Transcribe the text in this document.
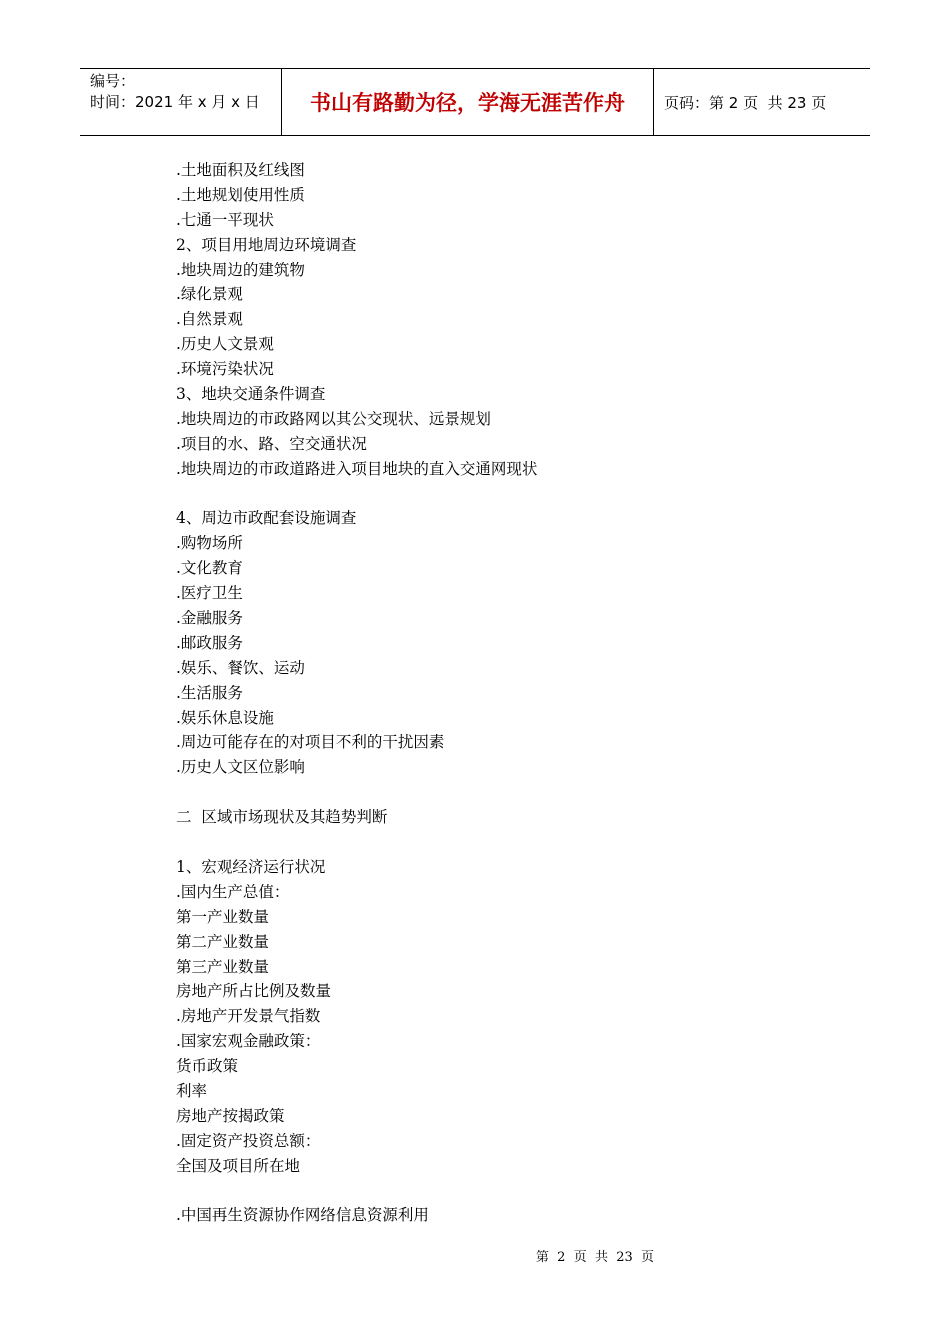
编号：
时间：2021 年 x 月 x 日	书山有路勤为径，学海无涯苦作舟	页码：第 2 页  共 23 页
.土地面积及红线图
.土地规划使用性质
.七通一平现状
2、项目用地周边环境调查
.地块周边的建筑物
.绿化景观
.自然景观
.历史人文景观
.环境污染状况
3、地块交通条件调查
.地块周边的市政路网以其公交现状、远景规划
.项目的水、路、空交通状况
.地块周边的市政道路进入项目地块的直入交通网现状
4、周边市政配套设施调查
.购物场所
.文化教育
.医疗卫生
.金融服务
.邮政服务
.娱乐、餐饮、运动
.生活服务
.娱乐休息设施
.周边可能存在的对项目不利的干扰因素
.历史人文区位影响
二  区域市场现状及其趋势判断
1、宏观经济运行状况
.国内生产总值：
第一产业数量
第二产业数量
第三产业数量
房地产所占比例及数量
.房地产开发景气指数
.国家宏观金融政策：
货币政策
利率
房地产按揭政策
.固定资产投资总额：
全国及项目所在地
.中国再生资源协作网络信息资源利用
第  2  页  共  23  页
